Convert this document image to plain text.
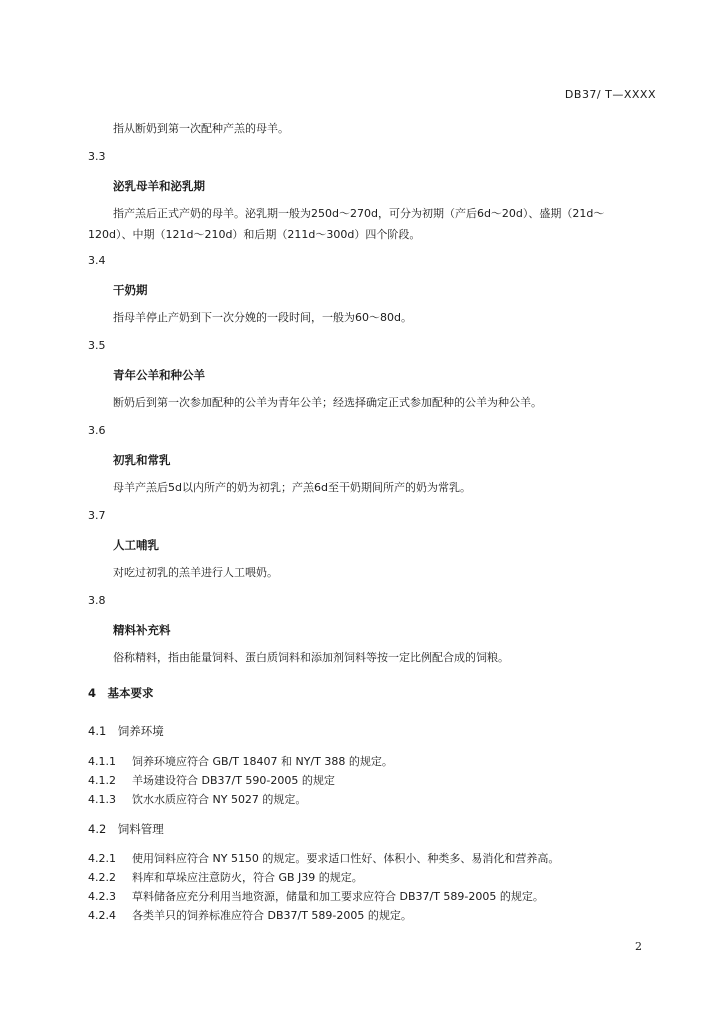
DB37/ T—XXXX
指从断奶到第一次配种产羔的母羊。
3.3
泌乳母羊和泌乳期
指产羔后正式产奶的母羊。泌乳期一般为250d～270d，可分为初期（产后6d～20d）、盛期（21d～
120d）、中期（121d～210d）和后期（211d～300d）四个阶段。
3.4
干奶期
指母羊停止产奶到下一次分娩的一段时间，一般为60～80d。
3.5
青年公羊和种公羊
断奶后到第一次参加配种的公羊为青年公羊；经选择确定正式参加配种的公羊为种公羊。
3.6
初乳和常乳
母羊产羔后5d以内所产的奶为初乳；产羔6d至干奶期间所产的奶为常乳。
3.7
人工哺乳
对吃过初乳的羔羊进行人工喂奶。
3.8
精料补充料
俗称精料，指由能量饲料、蛋白质饲料和添加剂饲料等按一定比例配合成的饲粮。
4　基本要求
4.1　饲养环境
4.1.1 饲养环境应符合 GB/T 18407 和 NY/T 388 的规定。
4.1.2 羊场建设符合 DB37/T 590-2005 的规定
4.1.3 饮水水质应符合 NY 5027 的规定。
4.2　饲料管理
4.2.1 使用饲料应符合 NY 5150 的规定。要求适口性好、体积小、种类多、易消化和营养高。
4.2.2 料库和草垛应注意防火，符合 GB J39 的规定。
4.2.3 草料储备应充分利用当地资源，储量和加工要求应符合 DB37/T 589-2005 的规定。
4.2.4 各类羊只的饲养标准应符合 DB37/T 589-2005 的规定。
2
